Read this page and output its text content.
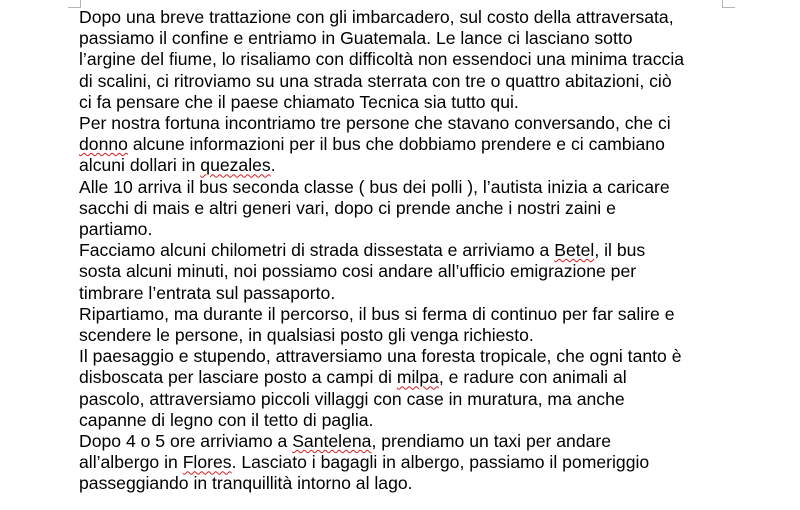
Dopo una breve trattazione con gli imbarcadero, sul costo della attraversata,
passiamo il confine e entriamo in Guatemala. Le lance ci lasciano sotto
l’argine del fiume, lo risaliamo con difficoltà non essendoci una minima traccia
di scalini, ci ritroviamo su una strada sterrata con tre o quattro abitazioni, ciò
ci fa pensare che il paese chiamato Tecnica sia tutto qui.
Per nostra fortuna incontriamo tre persone che stavano conversando, che ci
donno alcune informazioni per il bus che dobbiamo prendere e ci cambiano
alcuni dollari in quezales.
Alle 10 arriva il bus seconda classe ( bus dei polli ), l’autista inizia a caricare
sacchi di mais e altri generi vari, dopo ci prende anche i nostri zaini e
partiamo.
Facciamo alcuni chilometri di strada dissestata e arriviamo a Betel, il bus
sosta alcuni minuti, noi possiamo cosi andare all’ufficio emigrazione per
timbrare l’entrata sul passaporto.
Ripartiamo, ma durante il percorso, il bus si ferma di continuo per far salire e
scendere le persone, in qualsiasi posto gli venga richiesto.
Il paesaggio e stupendo, attraversiamo una foresta tropicale, che ogni tanto è
disboscata per lasciare posto a campi di milpa, e radure con animali al
pascolo, attraversiamo piccoli villaggi con case in muratura, ma anche
capanne di legno con il tetto di paglia.
Dopo 4 o 5 ore arriviamo a Santelena, prendiamo un taxi per andare
all’albergo in Flores. Lasciato i bagagli in albergo, passiamo il pomeriggio
passeggiando in tranquillità intorno al lago.
